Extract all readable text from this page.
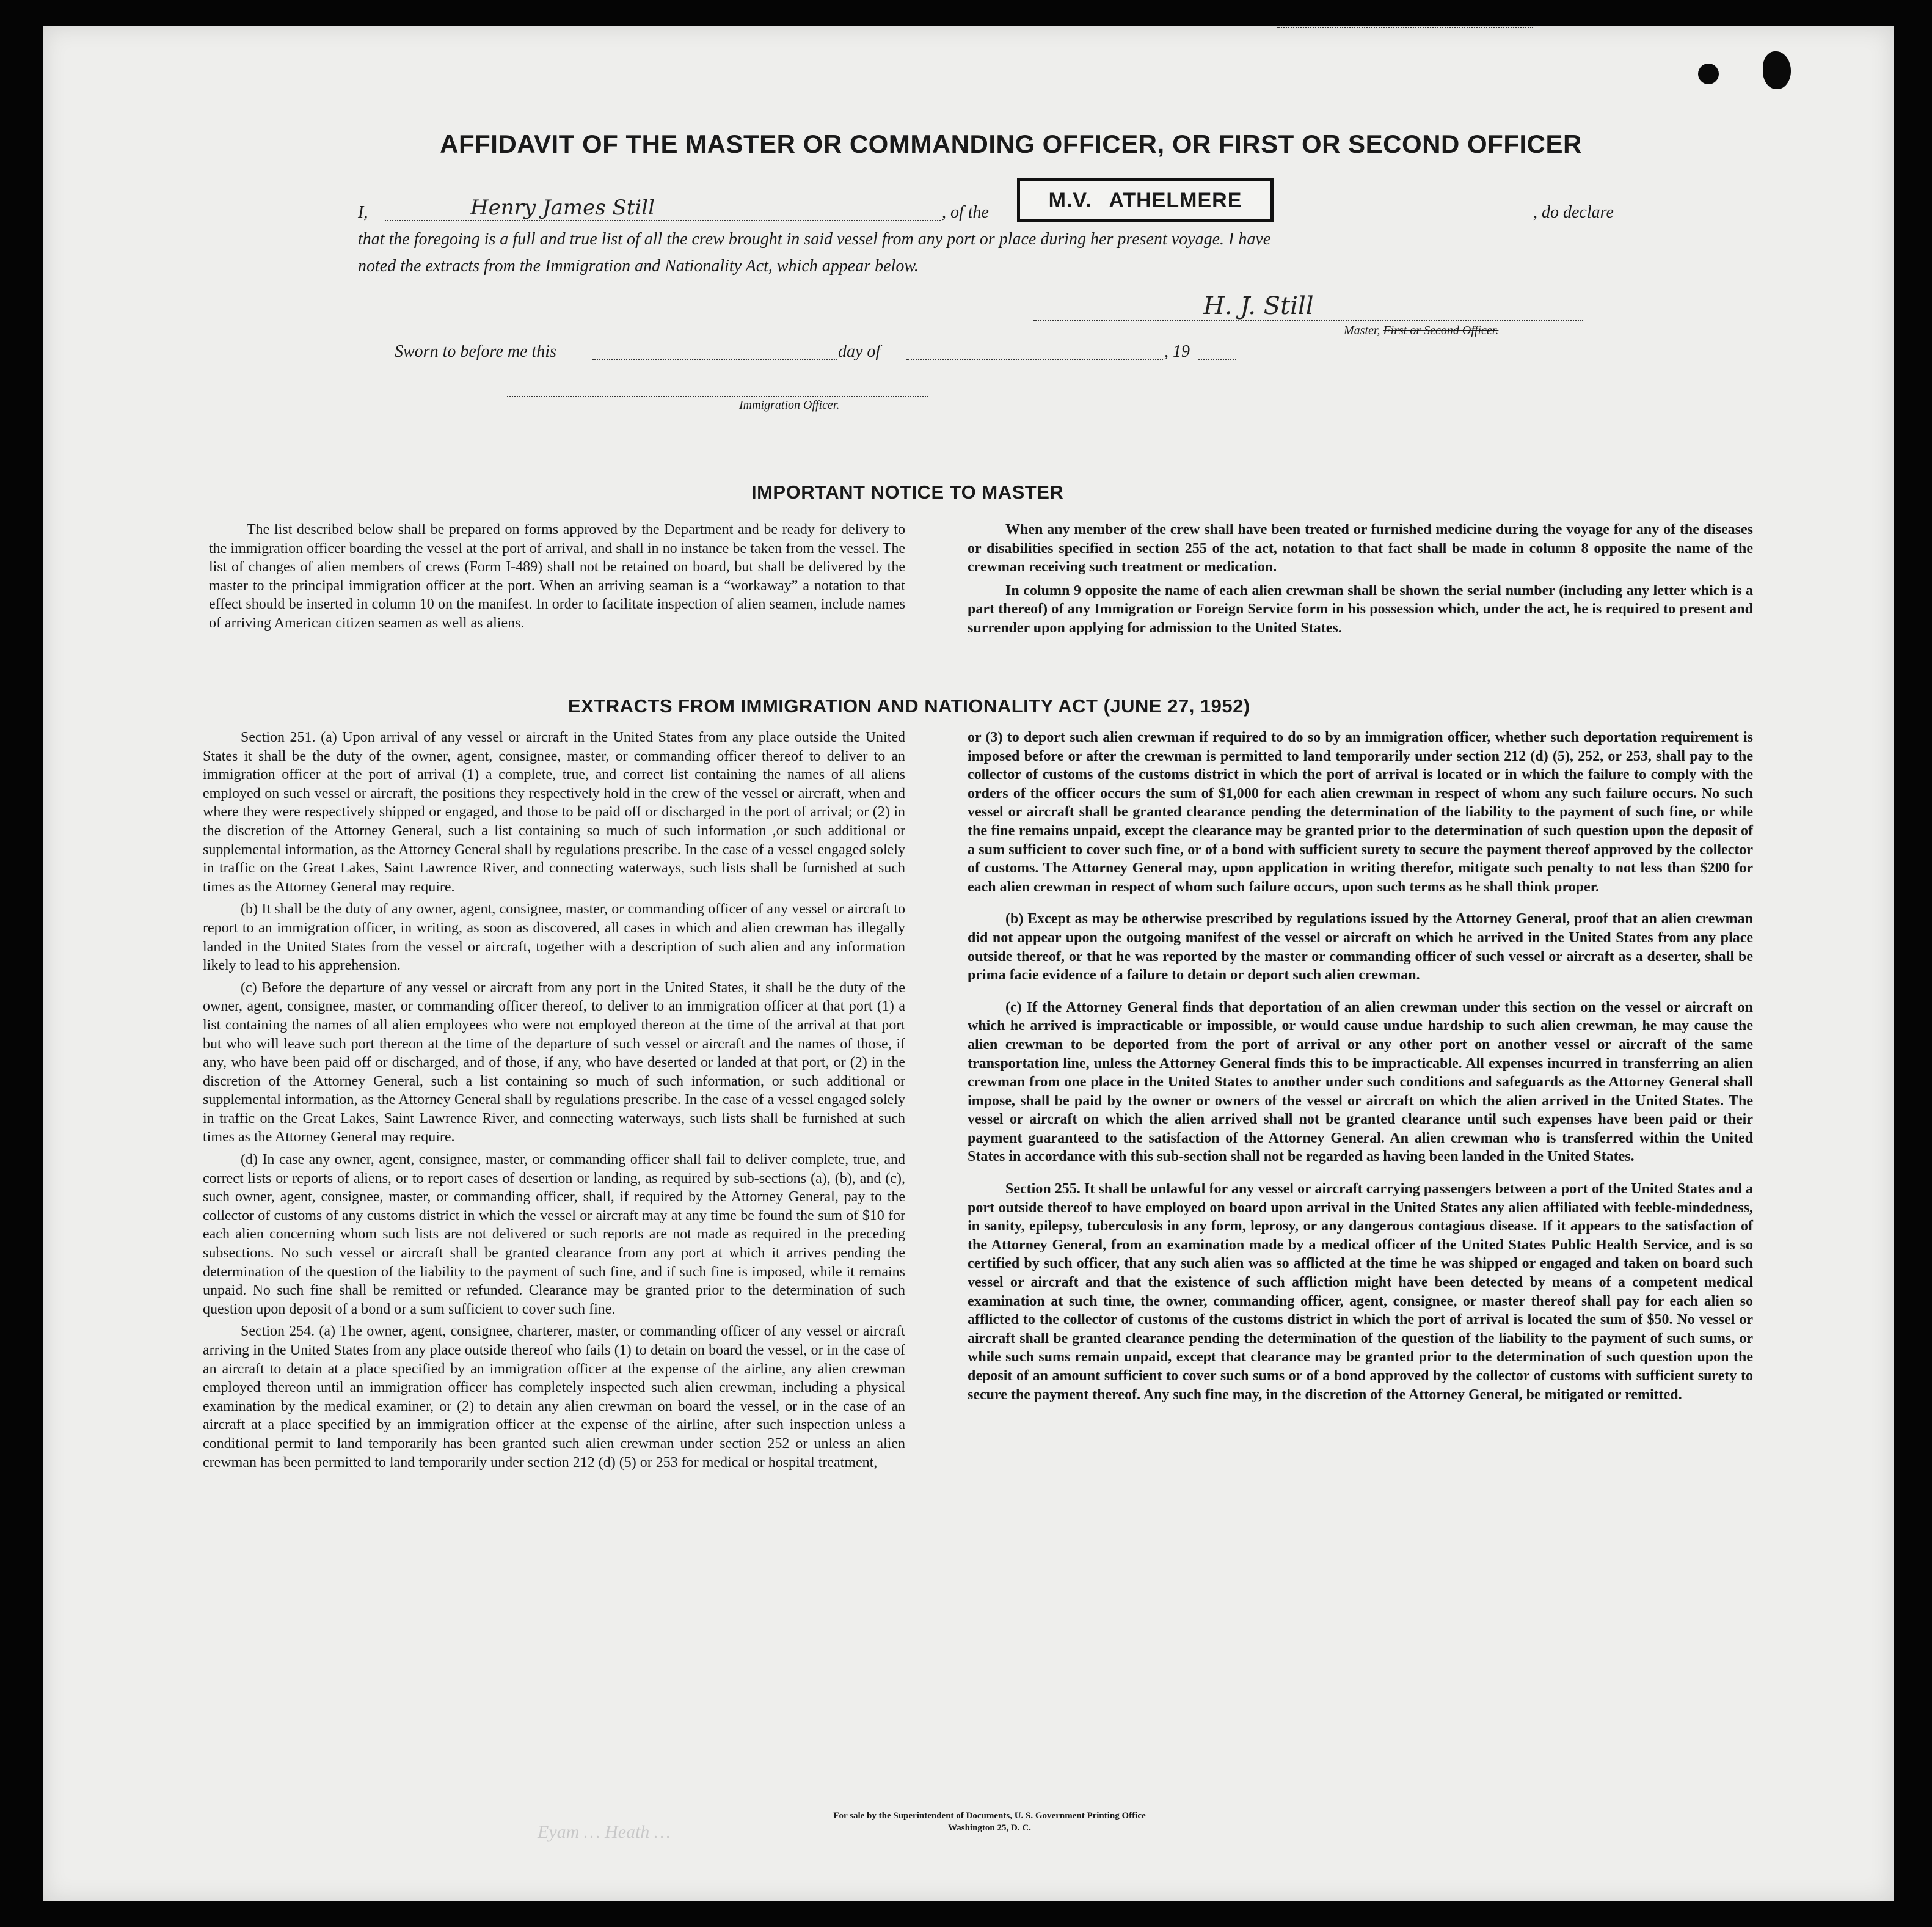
AFFIDAVIT OF THE MASTER OR COMMANDING OFFICER, OR FIRST OR SECOND OFFICER
I,	Henry James Still	, of the
M.V. ATHELMERE
, do declare
that the foregoing is a full and true list of all the crew brought in said vessel from any port or place during her present voyage. I have
noted the extracts from the Immigration and Nationality Act, which appear below.
H. J. Still
Master, First or Second Officer.
Sworn to before me this	day of	, 19
Immigration Officer.
IMPORTANT NOTICE TO MASTER

The list described below shall be prepared on forms approved by the Department and be ready for delivery to the immigration officer boarding the vessel at the port of arrival, and shall in no instance be taken from the vessel. The list of changes of alien members of crews (Form I-489) shall not be retained on board, but shall be delivered by the master to the principal immigration officer at the port. When an arriving seaman is a “workaway” a notation to that effect should be inserted in column 10 on the manifest. In order to facilitate inspection of alien seamen, include names of arriving American citizen seamen as well as aliens.

When any member of the crew shall have been treated or furnished medicine during the voyage for any of the diseases or disabilities specified in section 255 of the act, notation to that fact shall be made in column 8 opposite the name of the crewman receiving such treatment or medication.

In column 9 opposite the name of each alien crewman shall be shown the serial number (including any letter which is a part thereof) of any Immigration or Foreign Service form in his possession which, under the act, he is required to present and surrender upon applying for admission to the United States.

EXTRACTS FROM IMMIGRATION AND NATIONALITY ACT (JUNE 27, 1952)

Section 251. (a) Upon arrival of any vessel or aircraft in the United States from any place outside the United States it shall be the duty of the owner, agent, consignee, master, or commanding officer thereof to deliver to an immigration officer at the port of arrival (1) a complete, true, and correct list containing the names of all aliens employed on such vessel or aircraft, the positions they respectively hold in the crew of the vessel or aircraft, when and where they were respectively shipped or engaged, and those to be paid off or discharged in the port of arrival; or (2) in the discretion of the Attorney General, such a list containing so much of such information ,or such additional or supplemental information, as the Attorney General shall by regulations prescribe. In the case of a vessel engaged solely in traffic on the Great Lakes, Saint Lawrence River, and connecting waterways, such lists shall be furnished at such times as the Attorney General may require.

(b) It shall be the duty of any owner, agent, consignee, master, or commanding officer of any vessel or aircraft to report to an immigration officer, in writing, as soon as discovered, all cases in which and alien crewman has illegally landed in the United States from the vessel or aircraft, together with a description of such alien and any information likely to lead to his apprehension.

(c) Before the departure of any vessel or aircraft from any port in the United States, it shall be the duty of the owner, agent, consignee, master, or commanding officer thereof, to deliver to an immigration officer at that port (1) a list containing the names of all alien employees who were not employed thereon at the time of the arrival at that port but who will leave such port thereon at the time of the departure of such vessel or aircraft and the names of those, if any, who have been paid off or discharged, and of those, if any, who have deserted or landed at that port, or (2) in the discretion of the Attorney General, such a list containing so much of such information, or such additional or supplemental information, as the Attorney General shall by regulations prescribe. In the case of a vessel engaged solely in traffic on the Great Lakes, Saint Lawrence River, and connecting waterways, such lists shall be furnished at such times as the Attorney General may require.

(d) In case any owner, agent, consignee, master, or commanding officer shall fail to deliver complete, true, and correct lists or reports of aliens, or to report cases of desertion or landing, as required by sub-sections (a), (b), and (c), such owner, agent, consignee, master, or commanding officer, shall, if required by the Attorney General, pay to the collector of customs of any customs district in which the vessel or aircraft may at any time be found the sum of $10 for each alien concerning whom such lists are not delivered or such reports are not made as required in the preceding subsections. No such vessel or aircraft shall be granted clearance from any port at which it arrives pending the determination of the question of the liability to the payment of such fine, and if such fine is imposed, while it remains unpaid. No such fine shall be remitted or refunded. Clearance may be granted prior to the determination of such question upon deposit of a bond or a sum sufficient to cover such fine.

Section 254. (a) The owner, agent, consignee, charterer, master, or commanding officer of any vessel or aircraft arriving in the United States from any place outside thereof who fails (1) to detain on board the vessel, or in the case of an aircraft to detain at a place specified by an immigration officer at the expense of the airline, any alien crewman employed thereon until an immigration officer has completely inspected such alien crewman, including a physical examination by the medical examiner, or (2) to detain any alien crewman on board the vessel, or in the case of an aircraft at a place specified by an immigration officer at the expense of the airline, after such inspection unless a conditional permit to land temporarily has been granted such alien crewman under section 252 or unless an alien crewman has been permitted to land temporarily under section 212 (d) (5) or 253 for medical or hospital treatment,

or (3) to deport such alien crewman if required to do so by an immigration officer, whether such deportation requirement is imposed before or after the crewman is permitted to land temporarily under section 212 (d) (5), 252, or 253, shall pay to the collector of customs of the customs district in which the port of arrival is located or in which the failure to comply with the orders of the officer occurs the sum of $1,000 for each alien crewman in respect of whom any such failure occurs. No such vessel or aircraft shall be granted clearance pending the determination of the liability to the payment of such fine, or while the fine remains unpaid, except the clearance may be granted prior to the determination of such question upon the deposit of a sum sufficient to cover such fine, or of a bond with sufficient surety to secure the payment thereof approved by the collector of customs. The Attorney General may, upon application in writing therefor, mitigate such penalty to not less than $200 for each alien crewman in respect of whom such failure occurs, upon such terms as he shall think proper.

(b) Except as may be otherwise prescribed by regulations issued by the Attorney General, proof that an alien crewman did not appear upon the outgoing manifest of the vessel or aircraft on which he arrived in the United States from any place outside thereof, or that he was reported by the master or commanding officer of such vessel or aircraft as a deserter, shall be prima facie evidence of a failure to detain or deport such alien crewman.

(c) If the Attorney General finds that deportation of an alien crewman under this section on the vessel or aircraft on which he arrived is impracticable or impossible, or would cause undue hardship to such alien crewman, he may cause the alien crewman to be deported from the port of arrival or any other port on another vessel or aircraft of the same transportation line, unless the Attorney General finds this to be impracticable. All expenses incurred in transferring an alien crewman from one place in the United States to another under such conditions and safeguards as the Attorney General shall impose, shall be paid by the owner or owners of the vessel or aircraft on which the alien arrived in the United States. The vessel or aircraft on which the alien arrived shall not be granted clearance until such expenses have been paid or their payment guaranteed to the satisfaction of the Attorney General. An alien crewman who is transferred within the United States in accordance with this sub-section shall not be regarded as having been landed in the United States.

Section 255. It shall be unlawful for any vessel or aircraft carrying passengers between a port of the United States and a port outside thereof to have employed on board upon arrival in the United States any alien affiliated with feeble-mindedness, in sanity, epilepsy, tuberculosis in any form, leprosy, or any dangerous contagious disease. If it appears to the satisfaction of the Attorney General, from an examination made by a medical officer of the United States Public Health Service, and is so certified by such officer, that any such alien was so afflicted at the time he was shipped or engaged and taken on board such vessel or aircraft and that the existence of such affliction might have been detected by means of a competent medical examination at such time, the owner, commanding officer, agent, consignee, or master thereof shall pay for each alien so afflicted to the collector of customs of the customs district in which the port of arrival is located the sum of $50. No vessel or aircraft shall be granted clearance pending the determination of the question of the liability to the payment of such sums, or while such sums remain unpaid, except that clearance may be granted prior to the determination of such question upon the deposit of an amount sufficient to cover such sums or of a bond approved by the collector of customs with sufficient surety to secure the payment thereof. Any such fine may, in the discretion of the Attorney General, be mitigated or remitted.

For sale by the Superintendent of Documents, U. S. Government Printing Office
Washington 25, D. C.
Eyam … Heath …
